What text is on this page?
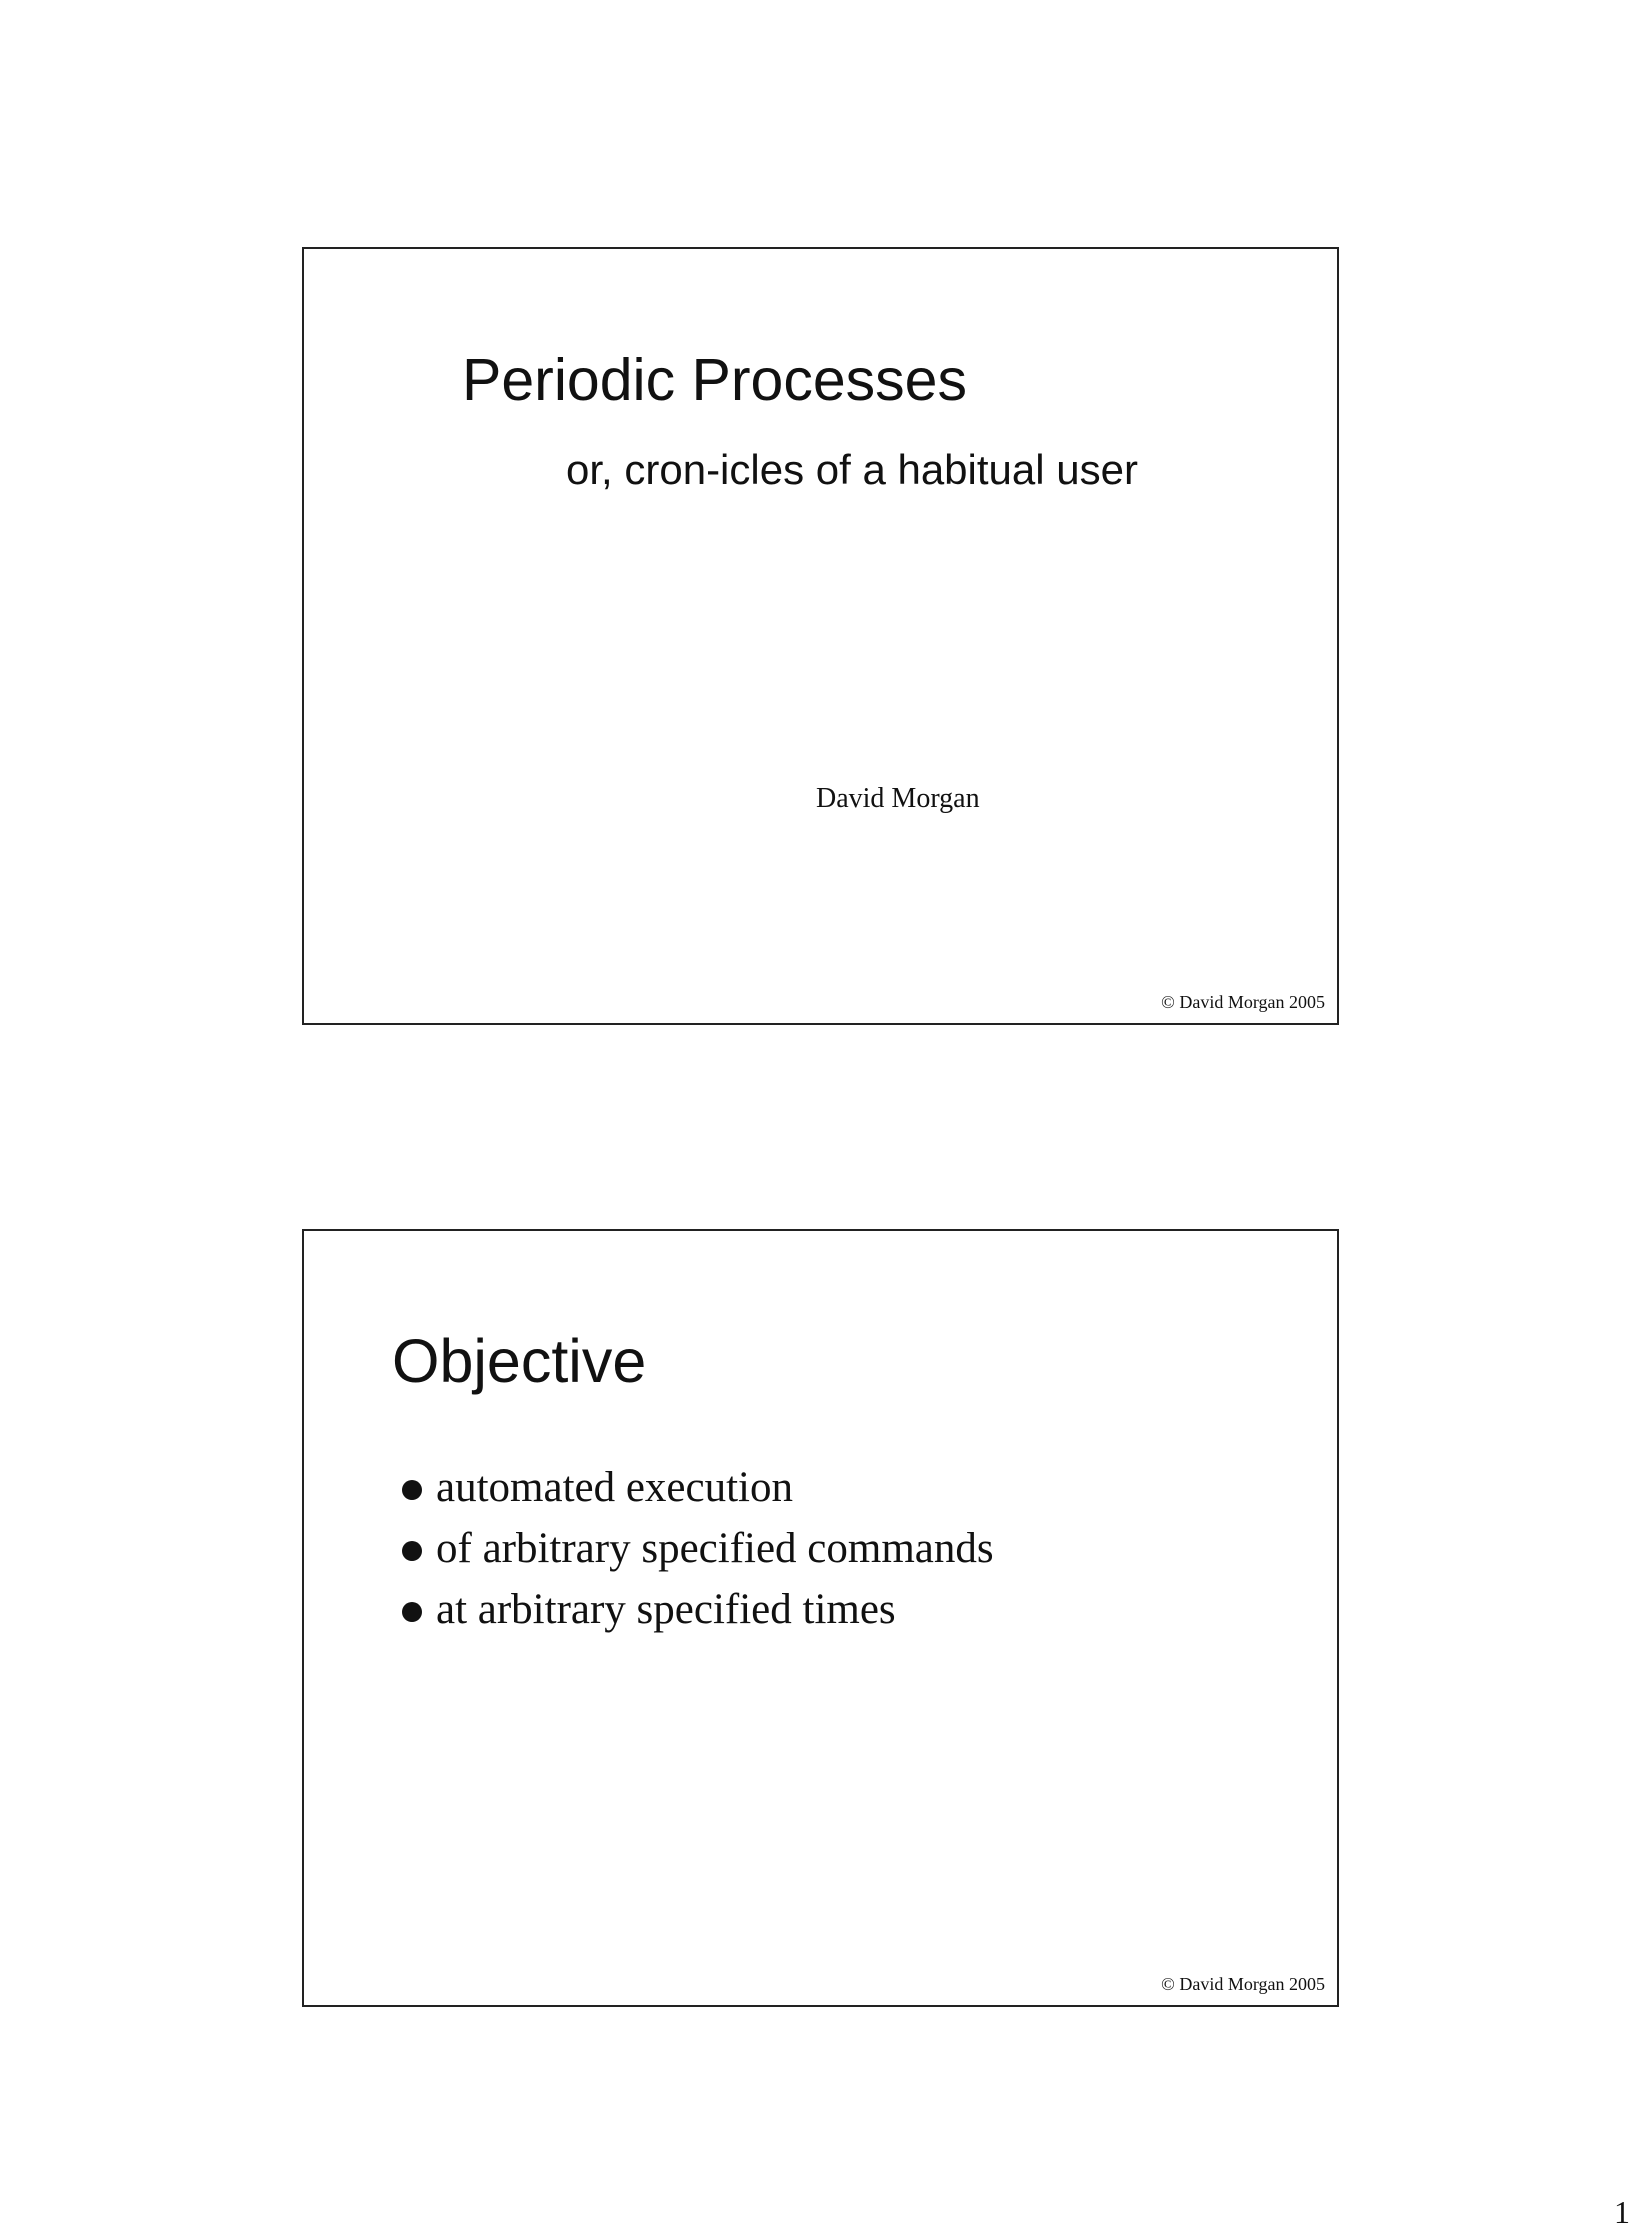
Periodic Processes
or, cron-icles of a habitual user
David Morgan
© David Morgan 2005
Objective
automated execution
of arbitrary specified commands
at arbitrary specified times
© David Morgan 2005
1
